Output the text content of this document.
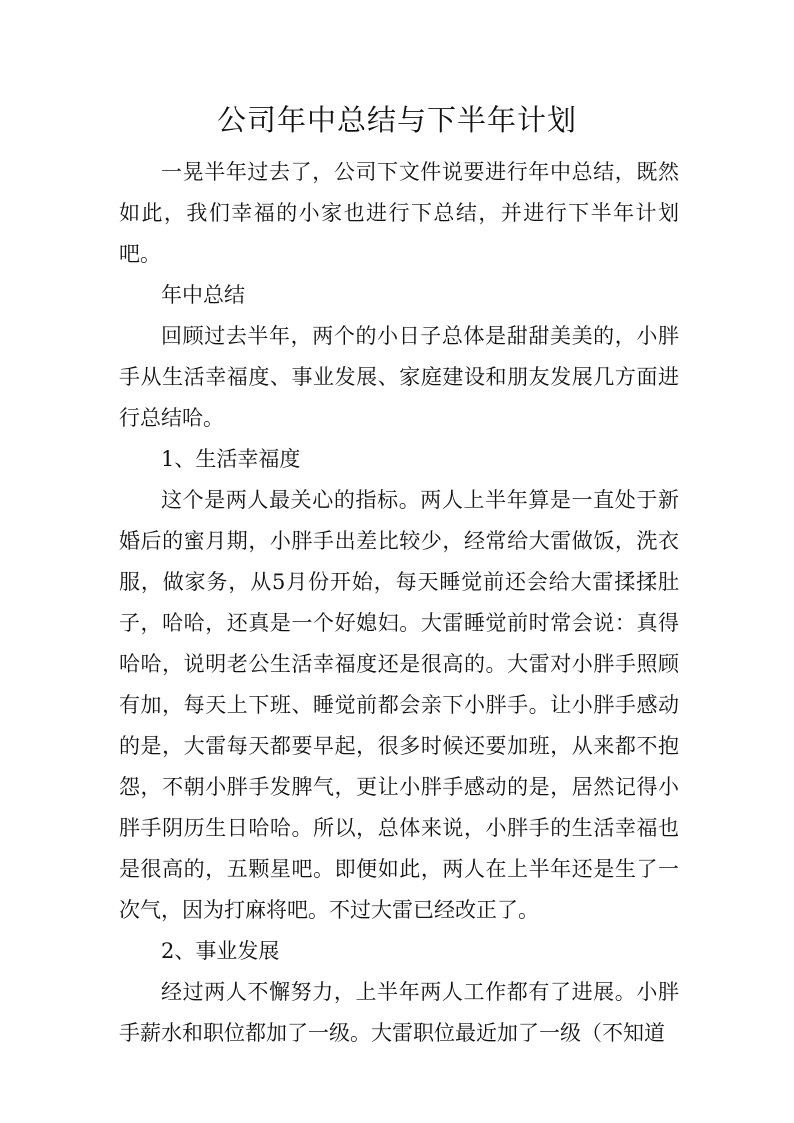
公司年中总结与下半年计划

一晃半年过去了，公司下文件说要进行年中总结，既然如此，我们幸福的小家也进行下总结，并进行下半年计划吧。

年中总结

回顾过去半年，两个的小日子总体是甜甜美美的，小胖手从生活幸福度、事业发展、家庭建设和朋友发展几方面进行总结哈。

1、生活幸福度

这个是两人最关心的指标。两人上半年算是一直处于新婚后的蜜月期，小胖手出差比较少，经常给大雷做饭，洗衣服，做家务，从5月份开始，每天睡觉前还会给大雷揉揉肚子，哈哈，还真是一个好媳妇。大雷睡觉前时常会说：真得哈哈，说明老公生活幸福度还是很高的。大雷对小胖手照顾有加，每天上下班、睡觉前都会亲下小胖手。让小胖手感动的是，大雷每天都要早起，很多时候还要加班，从来都不抱怨，不朝小胖手发脾气，更让小胖手感动的是，居然记得小胖手阴历生日哈哈。所以，总体来说，小胖手的生活幸福也是很高的，五颗星吧。即便如此，两人在上半年还是生了一次气，因为打麻将吧。不过大雷已经改正了。

2、事业发展

经过两人不懈努力，上半年两人工作都有了进展。小胖手薪水和职位都加了一级。大雷职位最近加了一级（不知道
